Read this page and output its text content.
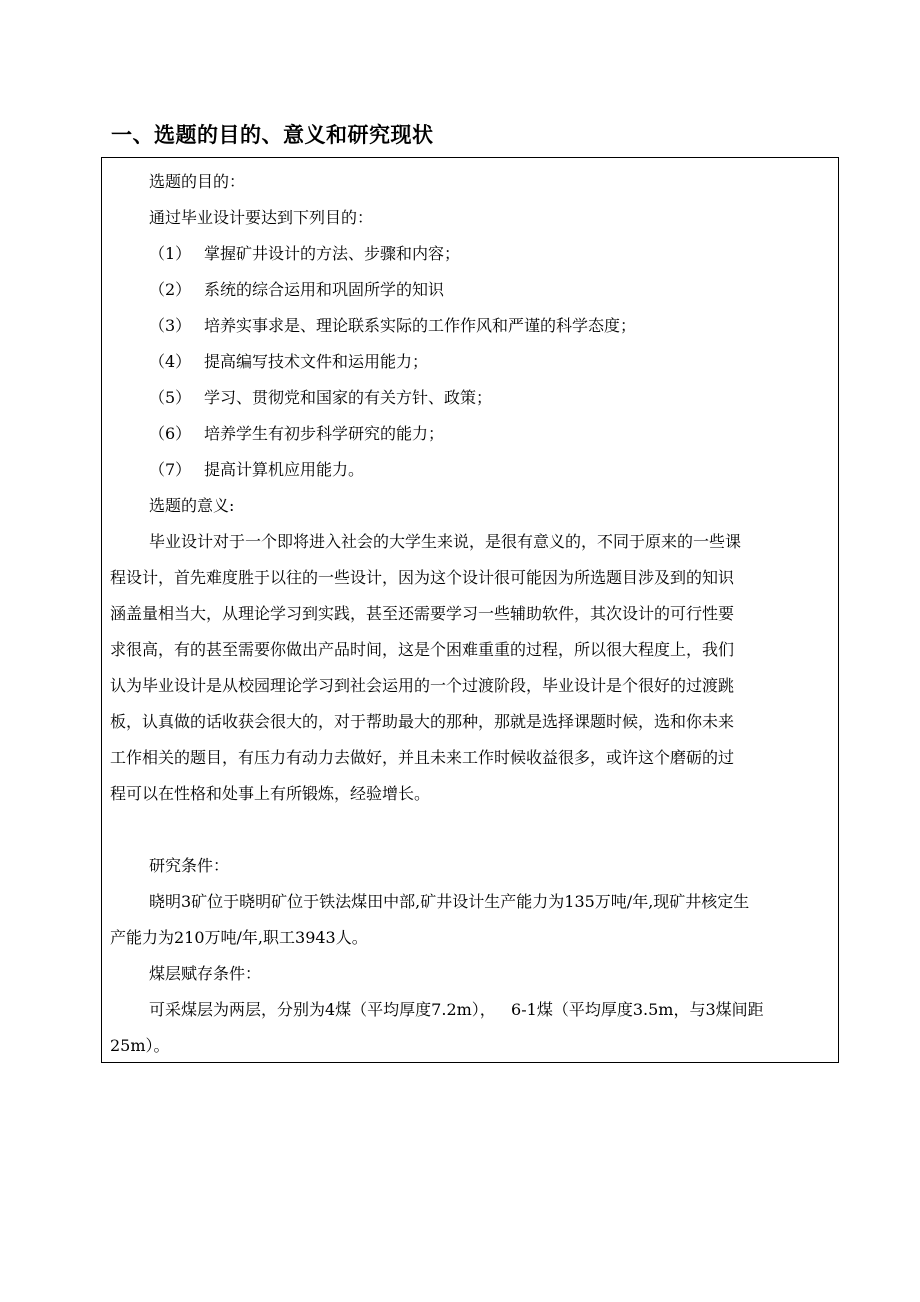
一、选题的目的、意义和研究现状

选题的目的：

通过毕业设计要达到下列目的：

（1） 掌握矿井设计的方法、步骤和内容；
（2） 系统的综合运用和巩固所学的知识
（3） 培养实事求是、理论联系实际的工作作风和严谨的科学态度；
（4） 提高编写技术文件和运用能力；
（5） 学习、贯彻党和国家的有关方针、政策；
（6） 培养学生有初步科学研究的能力；
（7） 提高计算机应用能力。

选题的意义:

毕业设计对于一个即将进入社会的大学生来说，是很有意义的，不同于原来的一些课

程设计，首先难度胜于以往的一些设计，因为这个设计很可能因为所选题目涉及到的知识

涵盖量相当大，从理论学习到实践，甚至还需要学习一些辅助软件，其次设计的可行性要

求很高，有的甚至需要你做出产品时间，这是个困难重重的过程，所以很大程度上，我们

认为毕业设计是从校园理论学习到社会运用的一个过渡阶段，毕业设计是个很好的过渡跳

板，认真做的话收获会很大的，对于帮助最大的那种，那就是选择课题时候，选和你未来

工作相关的题目，有压力有动力去做好，并且未来工作时候收益很多，或许这个磨砺的过

程可以在性格和处事上有所锻炼，经验增长。

研究条件：

晓明3矿位于晓明矿位于铁法煤田中部,矿井设计生产能力为135万吨/年,现矿井核定生

产能力为210万吨/年,职工3943人。

煤层赋存条件：

可采煤层为两层，分别为4煤（平均厚度7.2m），   6-1煤（平均厚度3.5m，与3煤间距

25m）。
